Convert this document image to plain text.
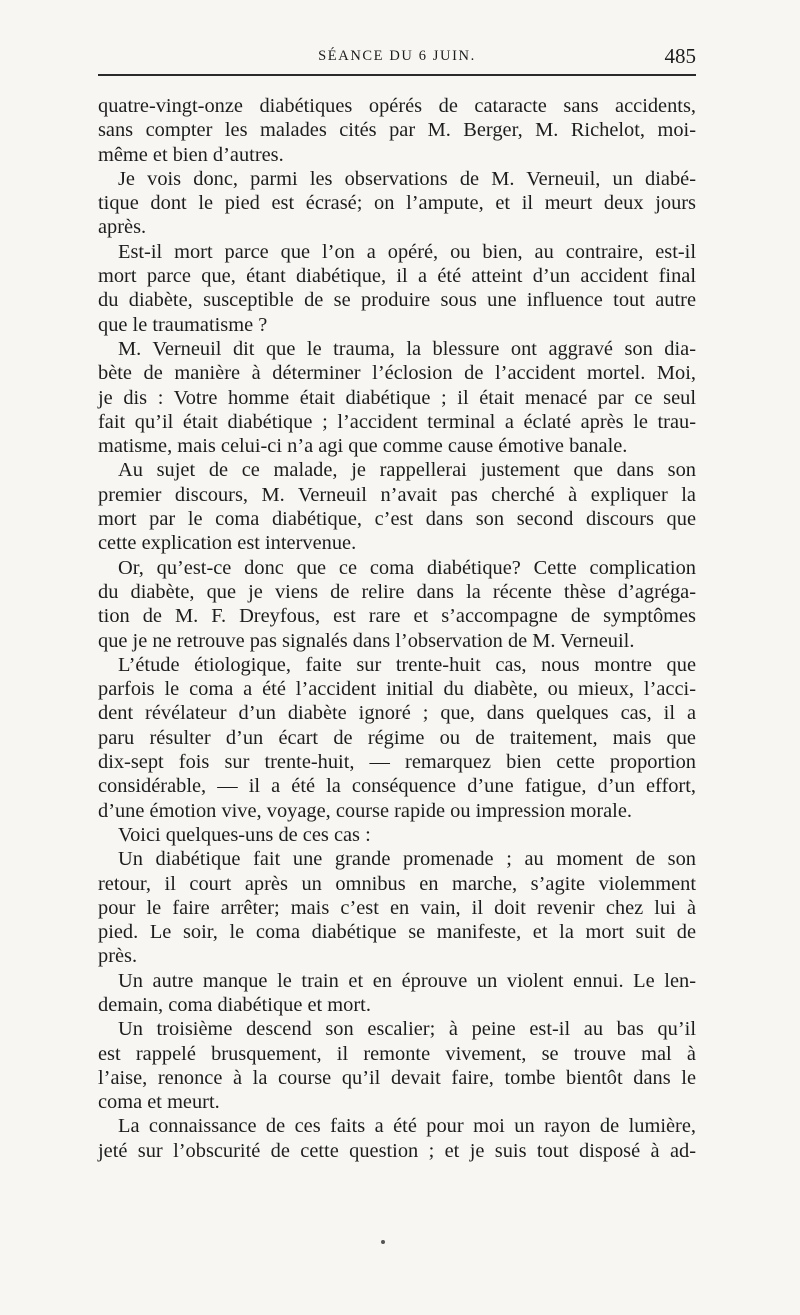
SÉANCE DU 6 JUIN.	485
quatre-vingt-onze diabétiques opérés de cataracte sans accidents,
sans compter les malades cités par M. Berger, M. Richelot, moi-
même et bien d’autres.
Je vois donc, parmi les observations de M. Verneuil, un diabé-
tique dont le pied est écrasé; on l’ampute, et il meurt deux jours
après.
Est-il mort parce que l’on a opéré, ou bien, au contraire, est-il
mort parce que, étant diabétique, il a été atteint d’un accident final
du diabète, susceptible de se produire sous une influence tout autre
que le traumatisme ?
M. Verneuil dit que le trauma, la blessure ont aggravé son dia-
bète de manière à déterminer l’éclosion de l’accident mortel. Moi,
je dis : Votre homme était diabétique ; il était menacé par ce seul
fait qu’il était diabétique ; l’accident terminal a éclaté après le trau-
matisme, mais celui-ci n’a agi que comme cause émotive banale.
Au sujet de ce malade, je rappellerai justement que dans son
premier discours, M. Verneuil n’avait pas cherché à expliquer la
mort par le coma diabétique, c’est dans son second discours que
cette explication est intervenue.
Or, qu’est-ce donc que ce coma diabétique? Cette complication
du diabète, que je viens de relire dans la récente thèse d’agréga-
tion de M. F. Dreyfous, est rare et s’accompagne de symptômes
que je ne retrouve pas signalés dans l’observation de M. Verneuil.
L’étude étiologique, faite sur trente-huit cas, nous montre que
parfois le coma a été l’accident initial du diabète, ou mieux, l’acci-
dent révélateur d’un diabète ignoré ; que, dans quelques cas, il a
paru résulter d’un écart de régime ou de traitement, mais que
dix-sept fois sur trente-huit, — remarquez bien cette proportion
considérable, — il a été la conséquence d’une fatigue, d’un effort,
d’une émotion vive, voyage, course rapide ou impression morale.
Voici quelques-uns de ces cas :
Un diabétique fait une grande promenade ; au moment de son
retour, il court après un omnibus en marche, s’agite violemment
pour le faire arrêter; mais c’est en vain, il doit revenir chez lui à
pied. Le soir, le coma diabétique se manifeste, et la mort suit de
près.
Un autre manque le train et en éprouve un violent ennui. Le len-
demain, coma diabétique et mort.
Un troisième descend son escalier; à peine est-il au bas qu’il
est rappelé brusquement, il remonte vivement, se trouve mal à
l’aise, renonce à la course qu’il devait faire, tombe bientôt dans le
coma et meurt.
La connaissance de ces faits a été pour moi un rayon de lumière,
jeté sur l’obscurité de cette question ; et je suis tout disposé à ad-
